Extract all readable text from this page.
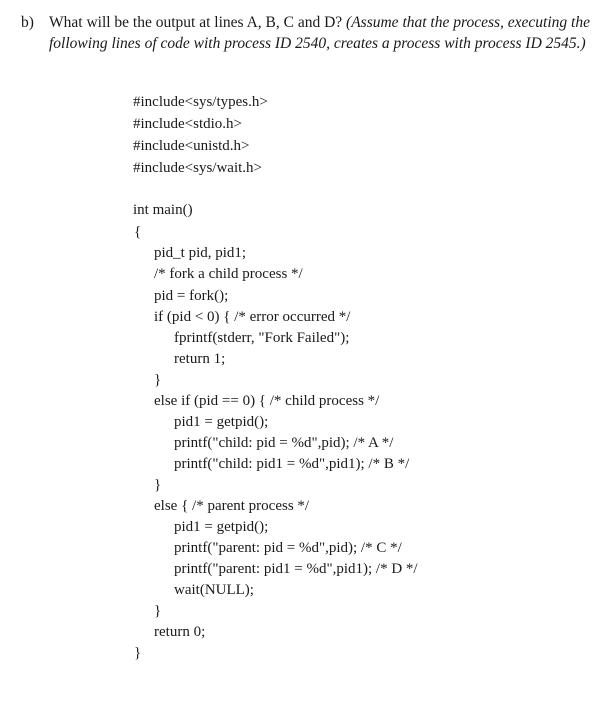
b) What will be the output at lines A, B, C and D? (Assume that the process, executing the following lines of code with process ID 2540, creates a process with process ID 2545.)
#include<sys/types.h>
#include<stdio.h>
#include<unistd.h>
#include<sys/wait.h>
int main()
{
pid_t pid, pid1;
/* fork a child process */
pid = fork();
if (pid < 0) { /* error occurred */
fprintf(stderr, "Fork Failed");
return 1;
}
else if (pid == 0) { /* child process */
pid1 = getpid();
printf("child: pid = %d",pid); /* A */
printf("child: pid1 = %d",pid1); /* B */
}
else { /* parent process */
pid1 = getpid();
printf("parent: pid = %d",pid); /* C */
printf("parent: pid1 = %d",pid1); /* D */
wait(NULL);
}
return 0;
}
